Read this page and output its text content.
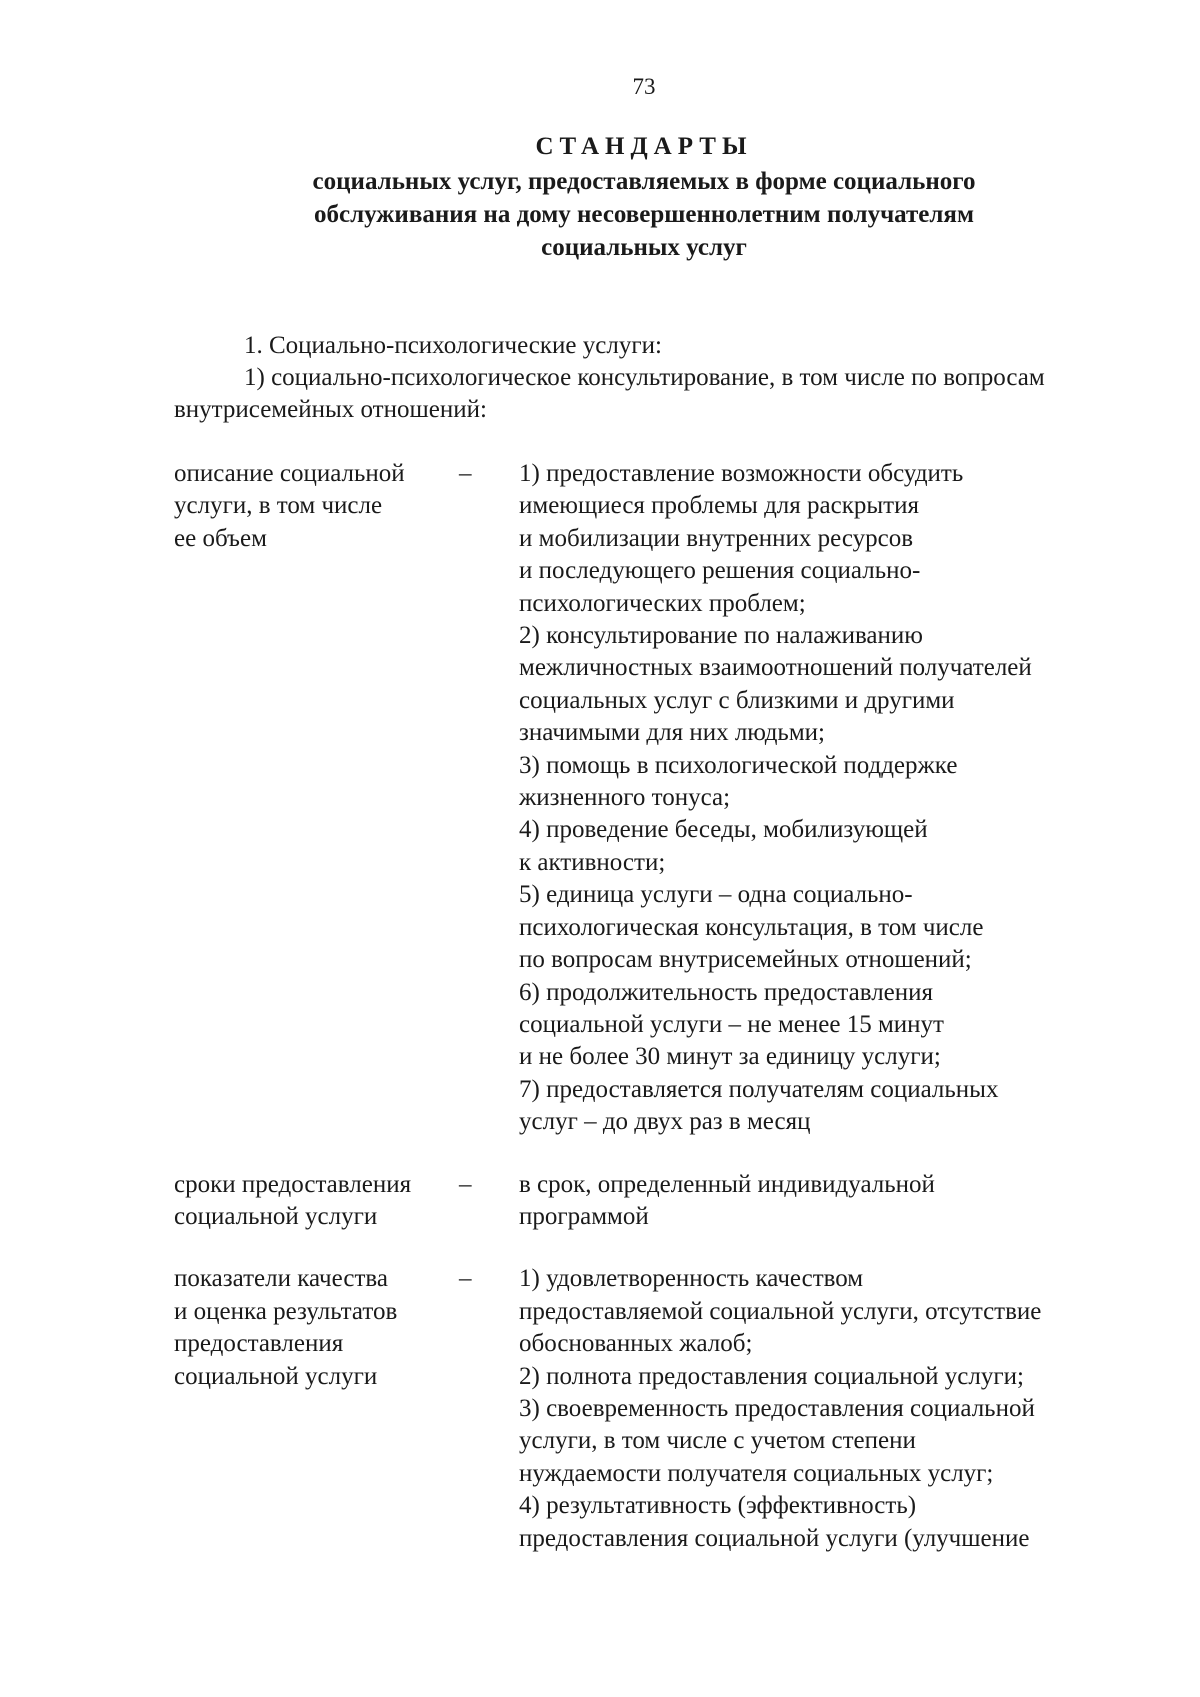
73
СТАНДАРТЫ
социальных услуг, предоставляемых в форме социального
обслуживания на дому несовершеннолетним получателям
социальных услуг

1. Социально-психологические услуги:

1) социально-психологическое консультирование, в том числе по вопросам

внутрисемейных отношений:

описание социальной
услуги, в том числе
ее объем
–	1) предоставление возможности обсудить
имеющиеся проблемы для раскрытия
и мобилизации внутренних ресурсов
и последующего решения социально-
психологических проблем;
2) консультирование по налаживанию
межличностных взаимоотношений получателей
социальных услуг с близкими и другими
значимыми для них людьми;
3) помощь в психологической поддержке
жизненного тонуса;
4) проведение беседы, мобилизующей
к активности;
5) единица услуги – одна социально-
психологическая консультация, в том числе
по вопросам внутрисемейных отношений;
6) продолжительность предоставления
социальной услуги – не менее 15 минут
и не более 30 минут за единицу услуги;
7) предоставляется получателям социальных
услуг – до двух раз в месяц
сроки предоставления
социальной услуги
–	в срок, определенный индивидуальной
программой
показатели качества
и оценка результатов
предоставления
социальной услуги
–	1) удовлетворенность качеством
предоставляемой социальной услуги, отсутствие
обоснованных жалоб;
2) полнота предоставления социальной услуги;
3) своевременность предоставления социальной
услуги, в том числе с учетом степени
нуждаемости получателя социальных услуг;
4) результативность (эффективность)
предоставления социальной услуги (улучшение
